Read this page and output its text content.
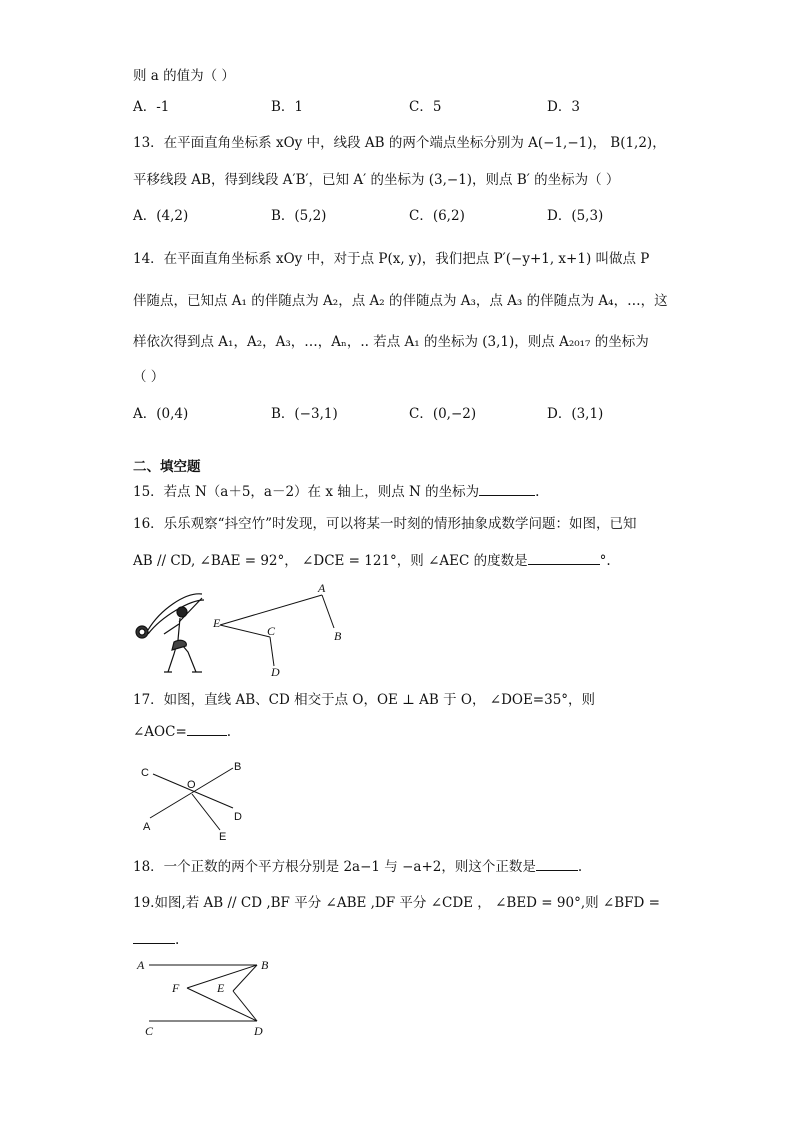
则 a 的值为（ ）
A．-1	B．1	C．5	D．3
13．在平面直角坐标系 xOy 中，线段 AB 的两个端点坐标分别为 A(−1,−1)， B(1,2)，
平移线段 AB，得到线段 A′B′，已知 A′ 的坐标为 (3,−1)，则点 B′ 的坐标为（ ）
A．(4,2)	B．(5,2)	C．(6,2)	D．(5,3)
14．在平面直角坐标系 xOy 中，对于点 P(x, y)，我们把点 P′(−y+1, x+1) 叫做点 P
伴随点，已知点 A₁ 的伴随点为 A₂，点 A₂ 的伴随点为 A₃，点 A₃ 的伴随点为 A₄，…，这
样依次得到点 A₁，A₂，A₃，…，Aₙ，.. 若点 A₁ 的坐标为 (3,1)，则点 A₂₀₁₇ 的坐标为
（ ）
A．(0,4)	B．(−3,1)	C．(0,−2)	D．(3,1)
二、填空题
15．若点 N（a＋5，a－2）在 x 轴上，则点 N 的坐标为	.
16．乐乐观察“抖空竹”时发现，可以将某一时刻的情形抽象成数学问题：如图，已知
AB // CD, ∠BAE = 92°， ∠DCE = 121°，则 ∠AEC 的度数是	°.
A
B
C
D
E
17．如图，直线 AB、CD 相交于点 O，OE ⊥ AB 于 O， ∠DOE=35°，则
∠AOC=	.
C
O
B
D
A
E
18．一个正数的两个平方根分别是 2a−1 与 −a+2，则这个正数是	.
19.如图,若 AB // CD ,BF 平分 ∠ABE ,DF 平分 ∠CDE ， ∠BED = 90°,则 ∠BFD =
.
A	B
F	E
C	D
